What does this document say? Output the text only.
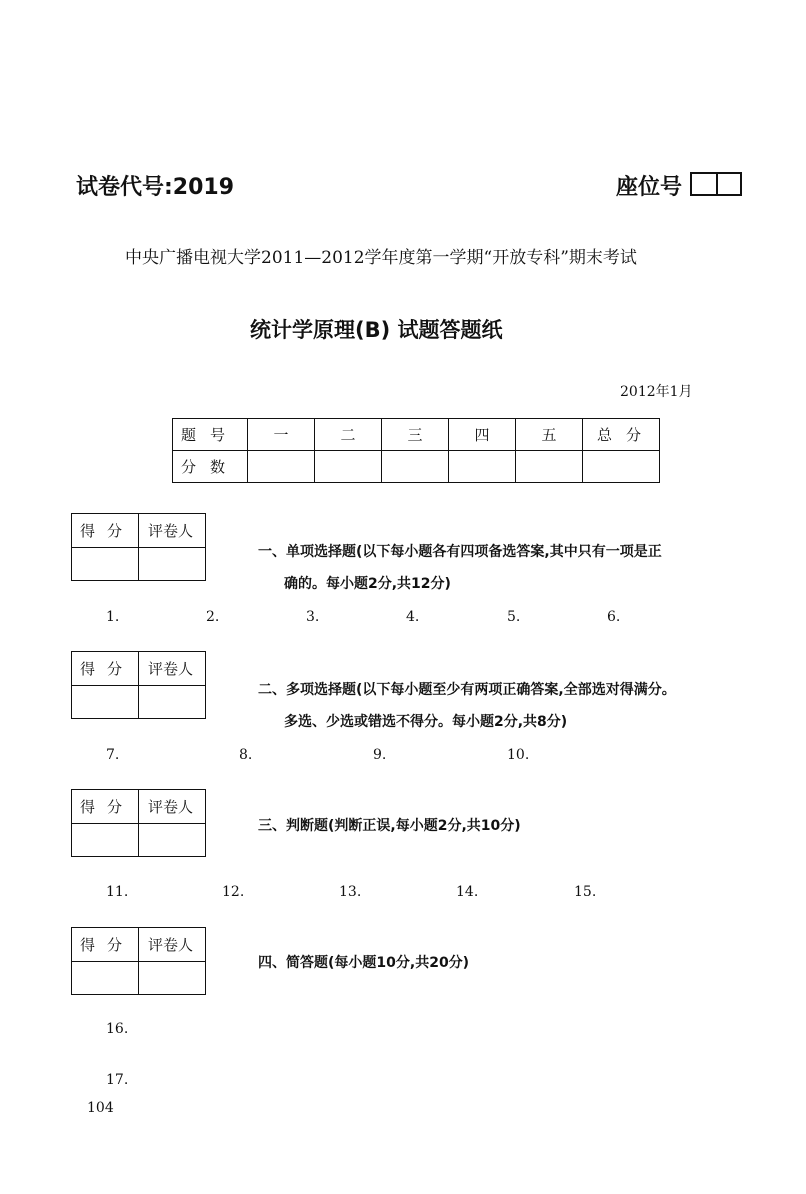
试卷代号:2019	座位号
中央广播电视大学2011—2012学年度第一学期“开放专科”期末考试
统计学原理(B) 试题答题纸
2012年1月
题号	一	二	三	四	五	总分
分数						
得分 评卷人
一、单项选择题(以下每小题各有四项备选答案,其中只有一项是正
确的。每小题2分,共12分)
1.	2.	3.	4.	5.	6.
得分 评卷人
二、多项选择题(以下每小题至少有两项正确答案,全部选对得满分。
多选、少选或错选不得分。每小题2分,共8分)
7.	8.	9.	10.
得分 评卷人
三、判断题(判断正误,每小题2分,共10分)
11.	12.	13.	14.	15.
得分 评卷人
四、简答题(每小题10分,共20分)
16.
17.
104
